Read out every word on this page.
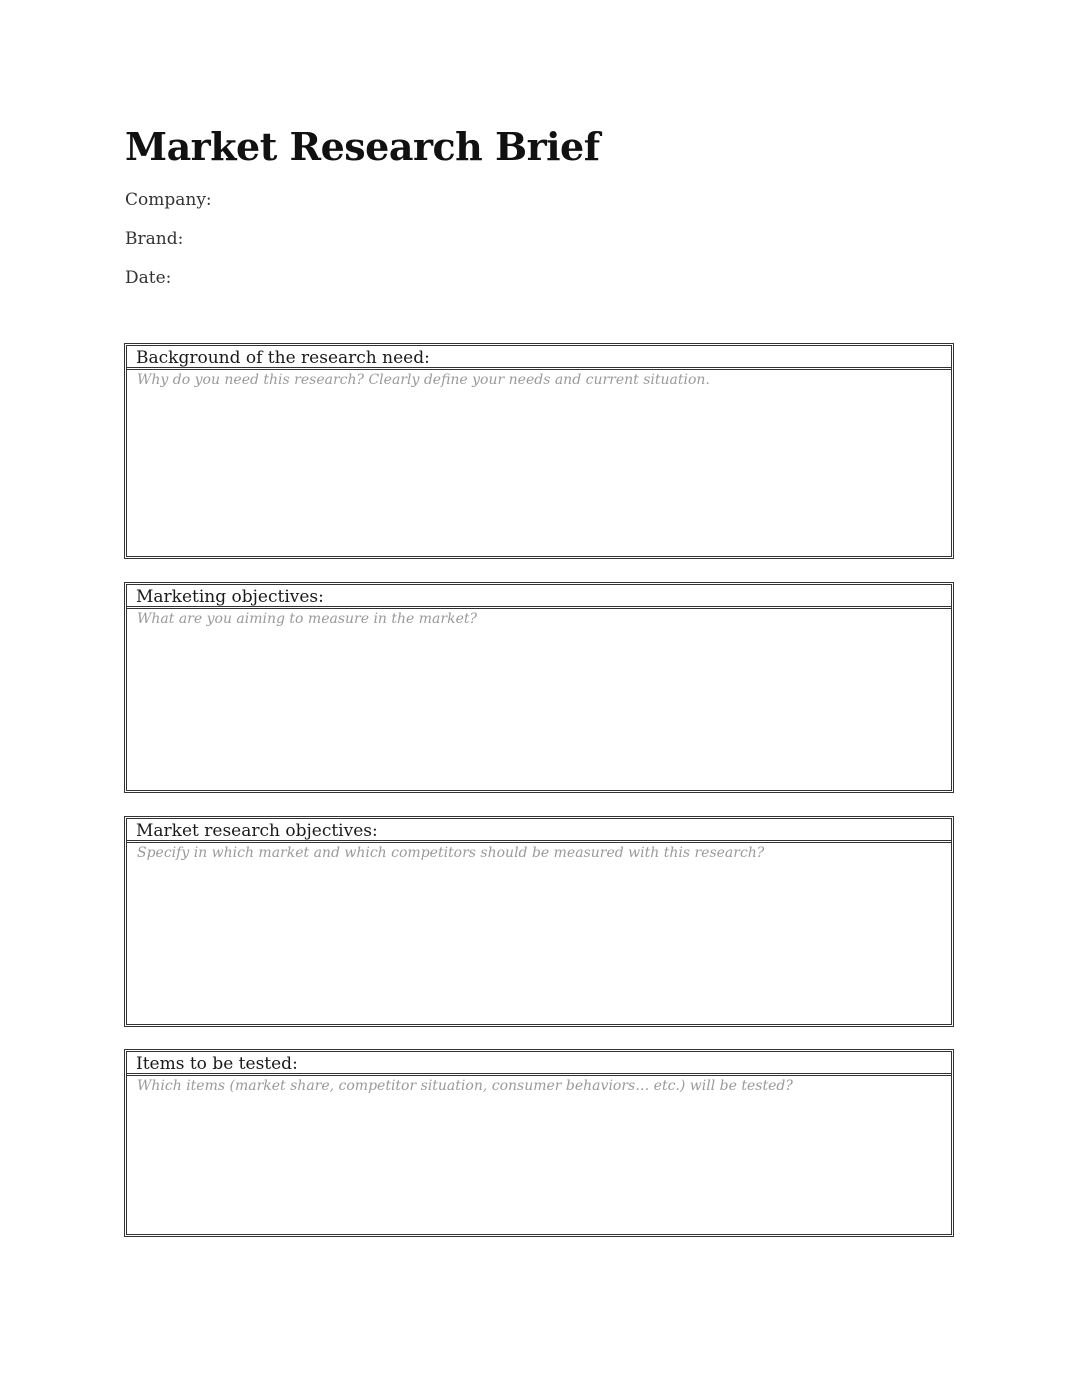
Market Research Brief
Company:
Brand:
Date:
Background of the research need:
Why do you need this research? Clearly define your needs and current situation.
Marketing objectives:
What are you aiming to measure in the market?
Market research objectives:
Specify in which market and which competitors should be measured with this research?
Items to be tested:
Which items (market share, competitor situation, consumer behaviors… etc.) will be tested?
